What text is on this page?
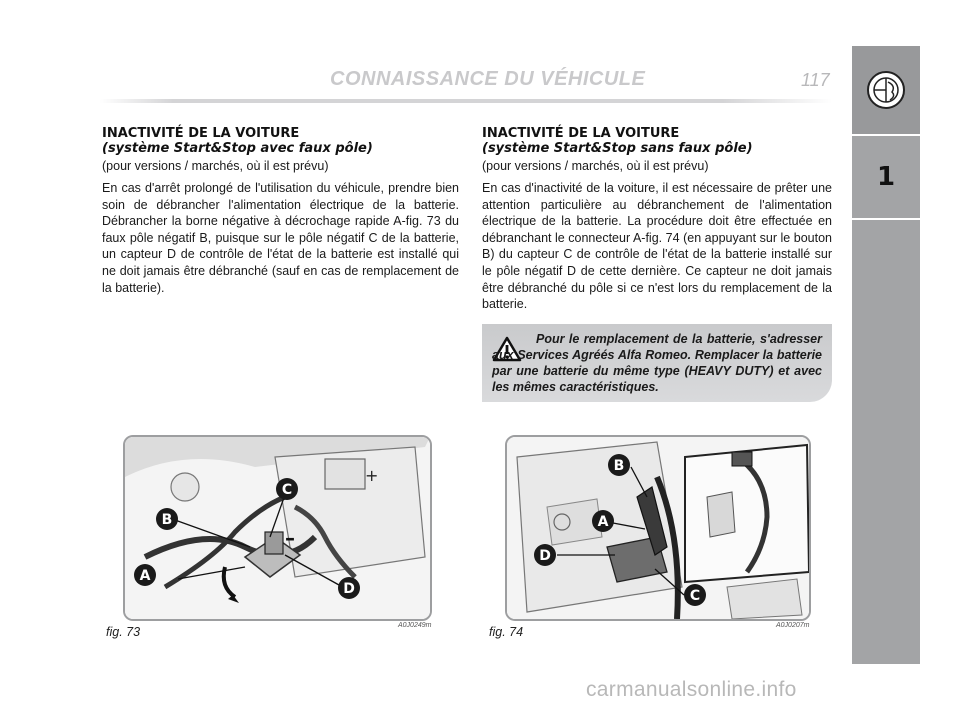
CONNAISSANCE DU VÉHICULE	117
1

INACTIVITÉ DE LA VOITURE

(système Start&Stop avec faux pôle)

(pour versions / marchés, où il est prévu)

En cas d'arrêt prolongé de l'utilisation du véhicule, prendre bien soin de débrancher l'alimentation électrique de la batterie. Débrancher la borne négative à décrochage rapide A-fig. 73 du faux pôle négatif B, puisque sur le pôle négatif C de la batterie, un capteur D de contrôle de l'état de la batterie est installé qui ne doit jamais être débranché (sauf en cas de remplacement de la batterie).

INACTIVITÉ DE LA VOITURE

(système Start&Stop sans faux pôle)

(pour versions / marchés, où il est prévu)

En cas d'inactivité de la voiture, il est nécessaire de prêter une attention particulière au débranchement de l'alimentation électrique de la batterie. La procédure doit être effectuée en débranchant le connecteur A-fig. 74 (en appuyant sur le bouton B) du capteur C de contrôle de l'état de la batterie installé sur le pôle négatif D de cette dernière. Ce capteur ne doit jamais être débranché du pôle si ce n'est lors du remplacement de la batterie.

Pour le remplacement de la batterie, s'adresser aux Services Agréés Alfa Romeo. Remplacer la batterie par une batterie du même type (HEAVY DUTY) et avec les mêmes caractéristiques.

+
–
A
B
C
D
fig. 73	A0J0249m
B
A
D
C
fig. 74	A0J0207m
carmanualsonline.info
